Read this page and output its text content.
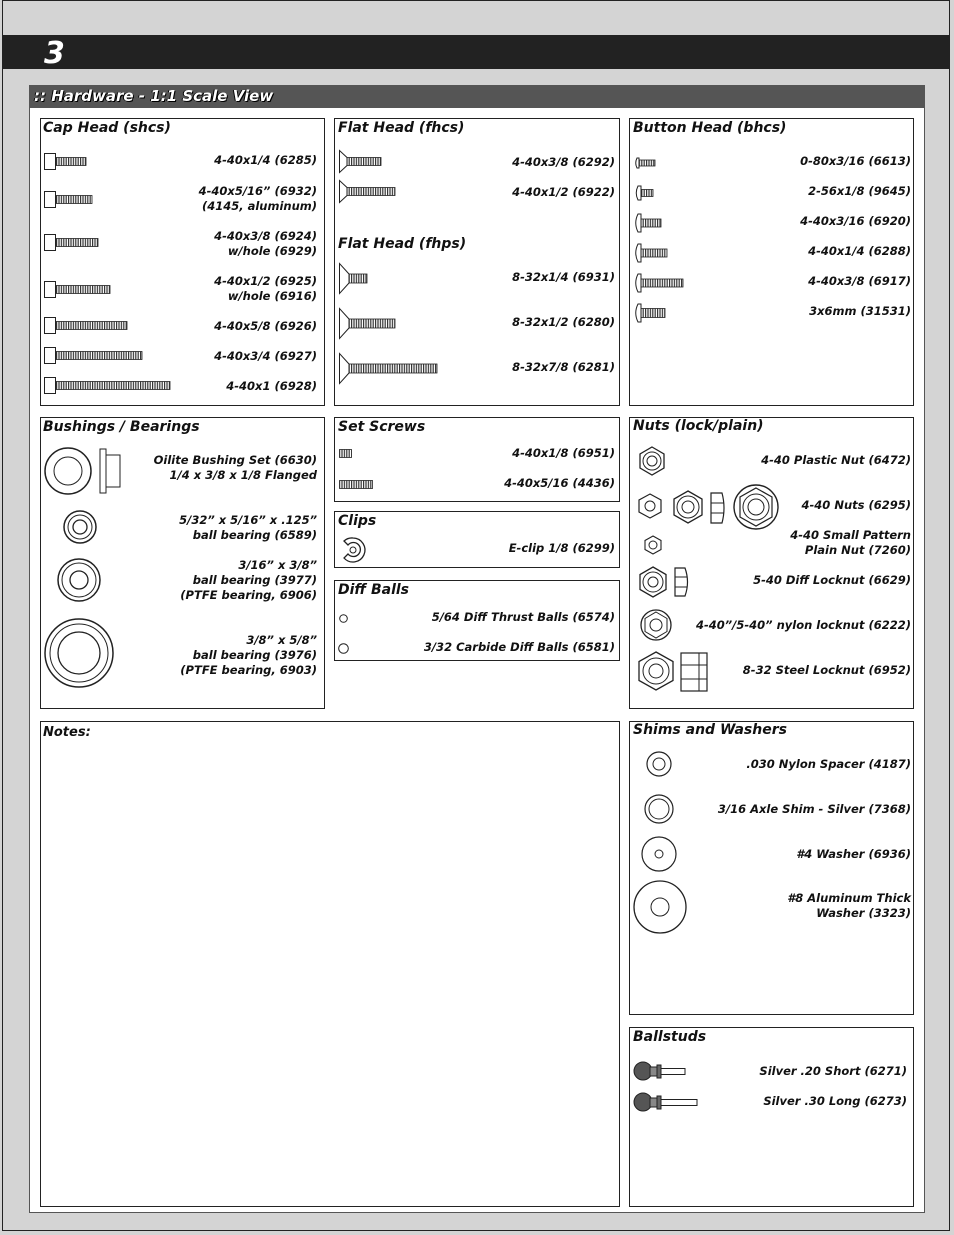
3
:: Hardware - 1:1 Scale View
Cap Head (shcs)
4-40x1/4 (6285)
4-40x5/16” (6932)
(4145, aluminum)
4-40x3/8 (6924)
w/hole (6929)
4-40x1/2 (6925)
w/hole (6916)
4-40x5/8 (6926)
4-40x3/4 (6927)
4-40x1 (6928)
Flat Head (fhcs)
Flat Head (fhps)
4-40x3/8 (6292)
4-40x1/2 (6922)
8-32x1/4 (6931)
8-32x1/2 (6280)
8-32x7/8 (6281)
Button Head (bhcs)
0-80x3/16 (6613)
2-56x1/8 (9645)
4-40x3/16 (6920)
4-40x1/4 (6288)
4-40x3/8 (6917)
3x6mm (31531)
Bushings / Bearings
Oilite Bushing Set (6630)
1/4 x 3/8 x 1/8 Flanged
5/32” x 5/16” x .125”
ball bearing (6589)
3/16” x 3/8”
ball bearing (3977)
(PTFE bearing, 6906)
3/8” x 5/8”
ball bearing (3976)
(PTFE bearing, 6903)
Set Screws
4-40x1/8 (6951)
4-40x5/16 (4436)
Clips
E-clip 1/8 (6299)
Diff Balls
5/64 Diff Thrust Balls (6574)
3/32 Carbide Diff Balls (6581)
Nuts (lock/plain)
4-40 Plastic Nut (6472)
4-40 Nuts (6295)
4-40 Small Pattern
Plain Nut (7260)
5-40 Diff Locknut (6629)
4-40”/5-40” nylon locknut (6222)
8-32 Steel Locknut (6952)
Notes:	Shims and Washers
.030 Nylon Spacer (4187)
3/16 Axle Shim - Silver (7368)
#4 Washer (6936)
#8 Aluminum Thick
Washer (3323)
Ballstuds
Silver .20 Short (6271)
Silver .30 Long (6273)
